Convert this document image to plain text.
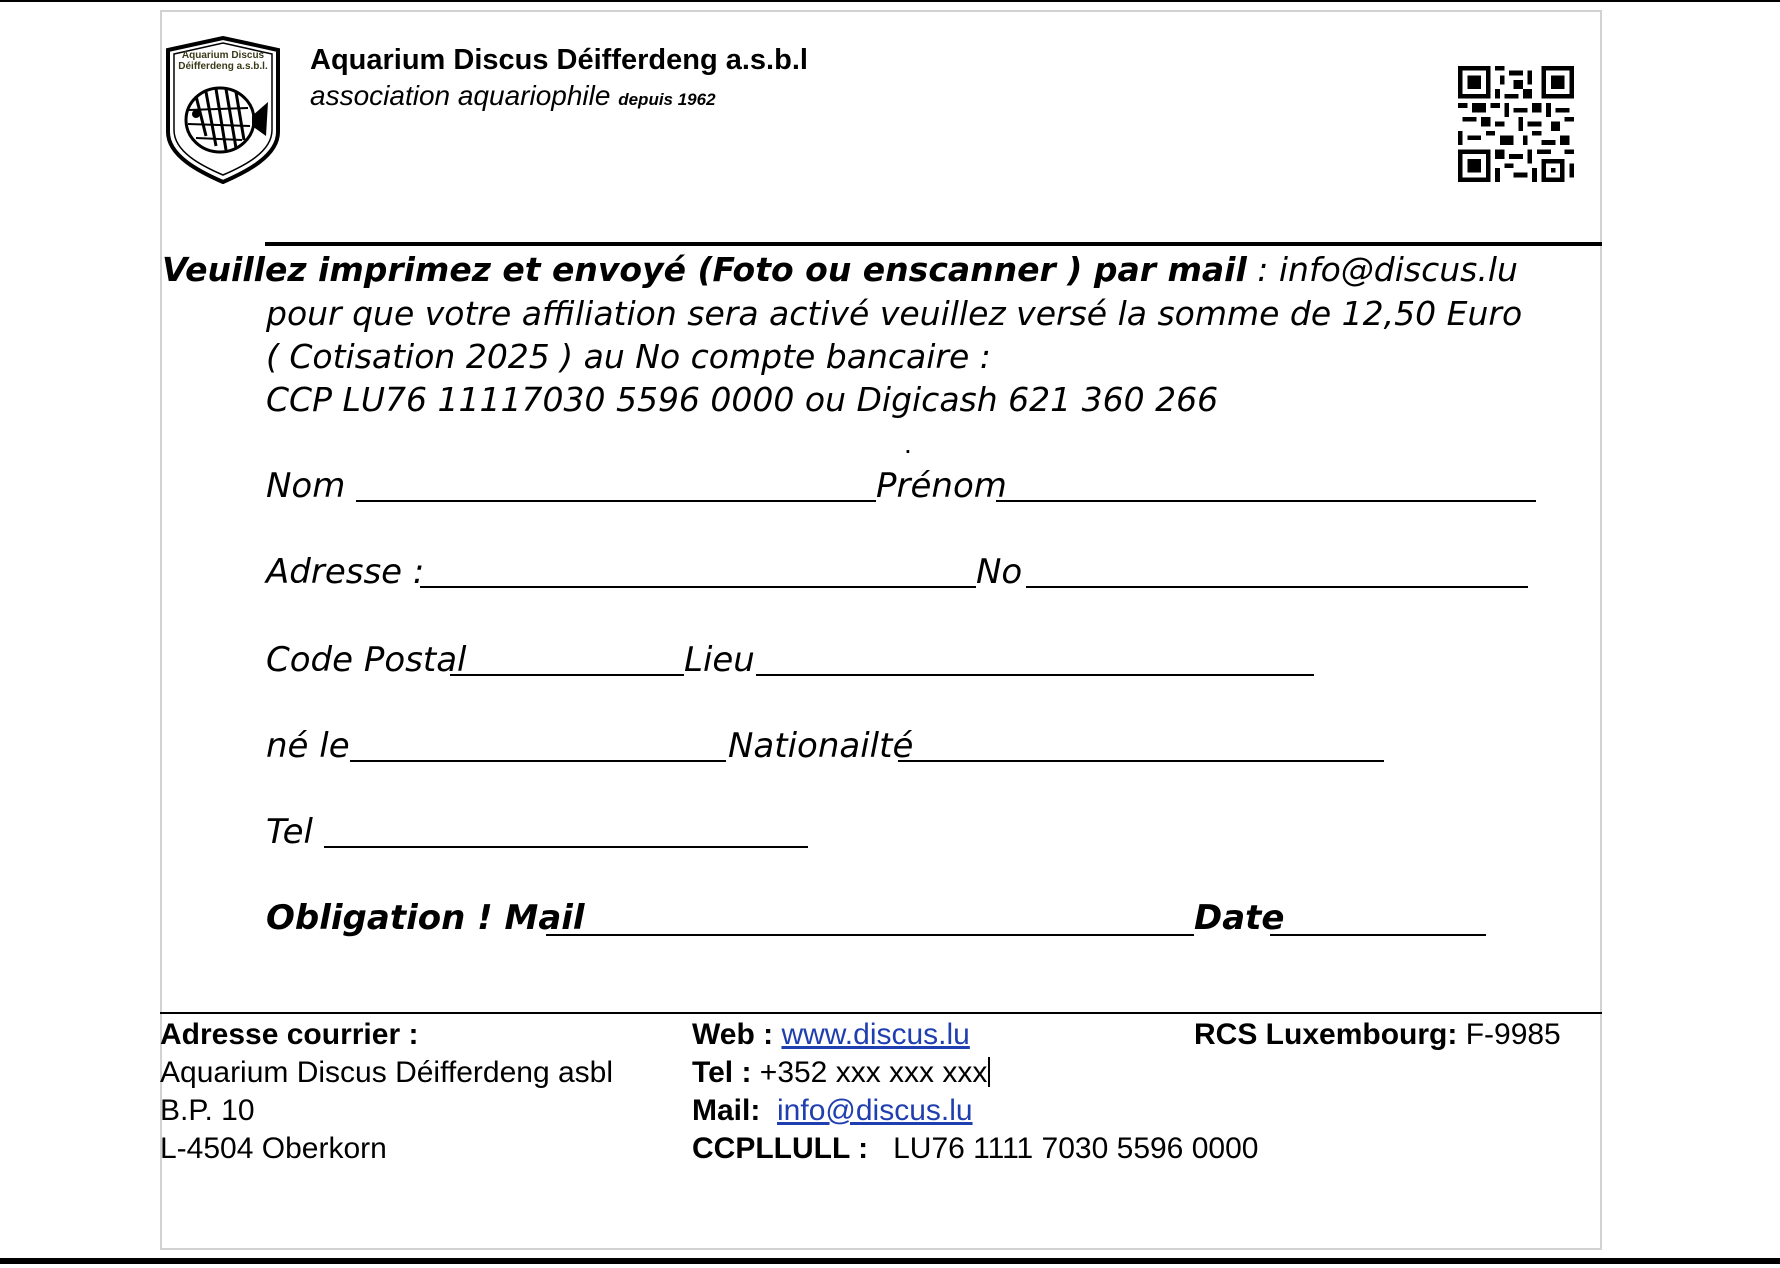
Aquarium Discus
Déifferdeng a.s.b.l. Aquarium Discus Déifferdeng a.s.b.l
association aquariophile depuis 1962
Veuillez imprimez et envoyé (Foto ou enscanner ) par mail : info@discus.lu
pour que votre affiliation sera activé veuillez versé la somme de 12,50 Euro
( Cotisation 2025 ) au No compte bancaire :
CCP LU76 11117030 5596 0000 ou Digicash 621 360 266
.
Nom	Prénom
Adresse :	No
Code Postal	Lieu
né le	Nationailté
Tel
Obligation ! Mail	Date
Adresse courrier :
Aquarium Discus Déifferdeng asbl
B.P. 10
L-4504 Oberkorn
Web : www.discus.lu
Tel : +352 xxx xxx xxx
Mail: info@discus.lu
CCPLLULL : LU76 1111 7030 5596 0000
RCS Luxembourg: F-9985
